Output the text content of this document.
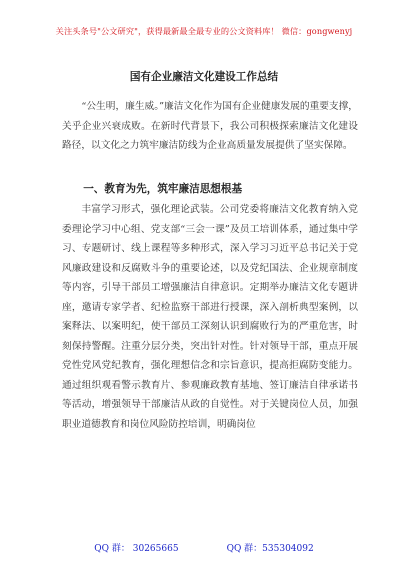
关注头条号"公文研究"，获得最新最全最专业的公文资料库！ 微信：gongwenyj
国有企业廉洁文化建设工作总结

“公生明，廉生威。”廉洁文化作为国有企业健康发展的重要支撑，关乎企业兴衰成败。在新时代背景下，我公司积极探索廉洁文化建设路径，以文化之力筑牢廉洁防线为企业高质量发展提供了坚实保障。

一、教育为先，筑牢廉洁思想根基

丰富学习形式，强化理论武装。公司党委将廉洁文化教育纳入党委理论学习中心组、党支部“三会一课”及员工培训体系，通过集中学习、专题研讨、线上课程等多种形式，深入学习习近平总书记关于党风廉政建设和反腐败斗争的重要论述，以及党纪国法、企业规章制度等内容，引导干部员工增强廉洁自律意识。定期举办廉洁文化专题讲座，邀请专家学者、纪检监察干部进行授课，深入剖析典型案例，以案释法、以案明纪，使干部员工深刻认识到腐败行为的严重危害，时刻保持警醒。注重分层分类，突出针对性。针对领导干部，重点开展党性党风党纪教育，强化理想信念和宗旨意识，提高拒腐防变能力。通过组织观看警示教育片、参观廉政教育基地、签订廉洁自律承诺书等活动，增强领导干部廉洁从政的自觉性。对于关键岗位人员，加强职业道德教育和岗位风险防控培训，明确岗位

QQ 群： 30265665	QQ 群：535304092
